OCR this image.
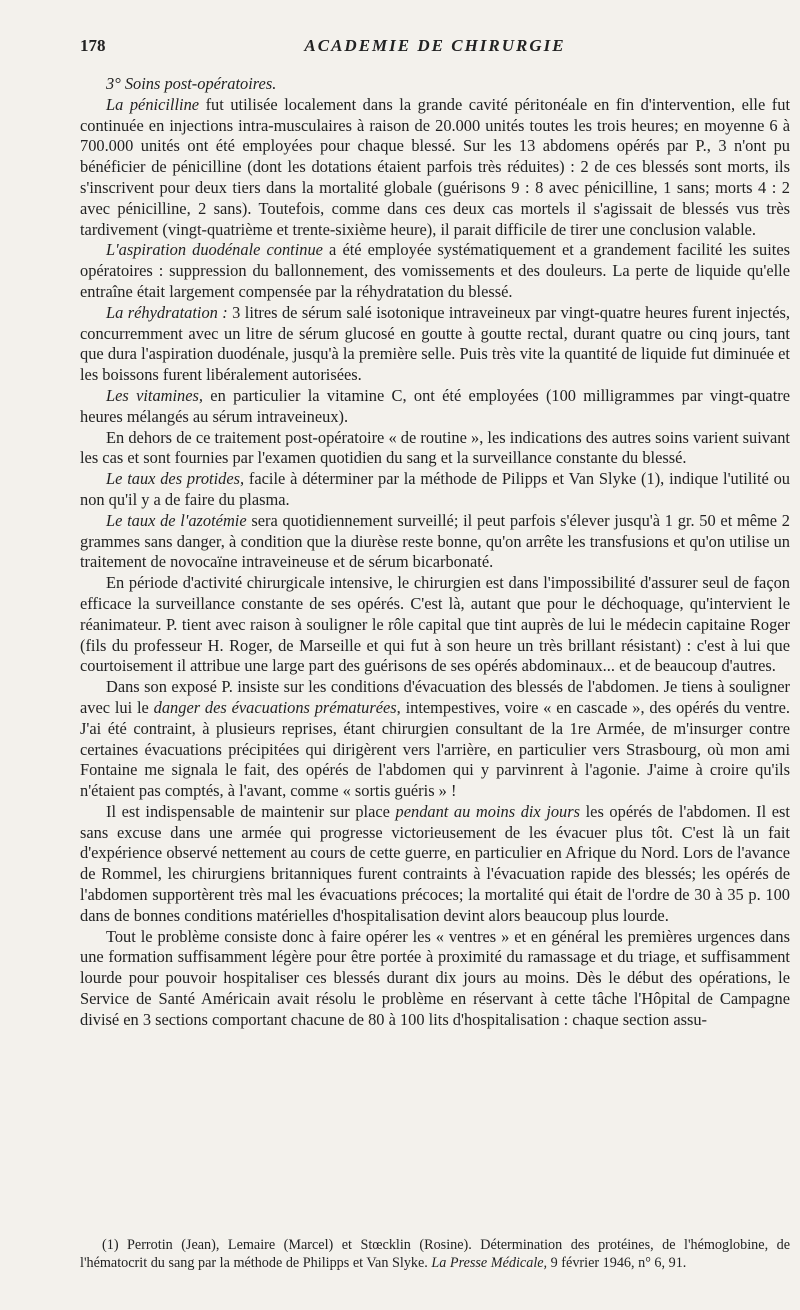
178	ACADEMIE DE CHIRURGIE

3° Soins post-opératoires.

La pénicilline fut utilisée localement dans la grande cavité péritonéale en fin d'intervention, elle fut continuée en injections intra-musculaires à raison de 20.000 unités toutes les trois heures; en moyenne 6 à 700.000 unités ont été employées pour chaque blessé. Sur les 13 abdomens opérés par P., 3 n'ont pu bénéficier de pénicilline (dont les dotations étaient parfois très réduites) : 2 de ces blessés sont morts, ils s'inscrivent pour deux tiers dans la mortalité globale (guérisons 9 : 8 avec pénicilline, 1 sans; morts 4 : 2 avec pénicilline, 2 sans). Toutefois, comme dans ces deux cas mortels il s'agissait de blessés vus très tardivement (vingt-quatrième et trente-sixième heure), il parait difficile de tirer une conclusion valable.

L'aspiration duodénale continue a été employée systématiquement et a grandement facilité les suites opératoires : suppression du ballonnement, des vomissements et des douleurs. La perte de liquide qu'elle entraîne était largement compensée par la réhydratation du blessé.

La réhydratation : 3 litres de sérum salé isotonique intraveineux par vingt-quatre heures furent injectés, concurremment avec un litre de sérum glucosé en goutte à goutte rectal, durant quatre ou cinq jours, tant que dura l'aspiration duodénale, jusqu'à la première selle. Puis très vite la quantité de liquide fut diminuée et les boissons furent libéralement autorisées.

Les vitamines, en particulier la vitamine C, ont été employées (100 milligrammes par vingt-quatre heures mélangés au sérum intraveineux).

En dehors de ce traitement post-opératoire « de routine », les indications des autres soins varient suivant les cas et sont fournies par l'examen quotidien du sang et la surveillance constante du blessé.

Le taux des protides, facile à déterminer par la méthode de Pilipps et Van Slyke (1), indique l'utilité ou non qu'il y a de faire du plasma.

Le taux de l'azotémie sera quotidiennement surveillé; il peut parfois s'élever jusqu'à 1 gr. 50 et même 2 grammes sans danger, à condition que la diurèse reste bonne, qu'on arrête les transfusions et qu'on utilise un traitement de novocaïne intraveineuse et de sérum bicarbonaté.

En période d'activité chirurgicale intensive, le chirurgien est dans l'impossibilité d'assurer seul de façon efficace la surveillance constante de ses opérés. C'est là, autant que pour le déchoquage, qu'intervient le réanimateur. P. tient avec raison à souligner le rôle capital que tint auprès de lui le médecin capitaine Roger (fils du professeur H. Roger, de Marseille et qui fut à son heure un très brillant résistant) : c'est à lui que courtoisement il attribue une large part des guérisons de ses opérés abdominaux... et de beaucoup d'autres.

Dans son exposé P. insiste sur les conditions d'évacuation des blessés de l'abdomen. Je tiens à souligner avec lui le danger des évacuations prématurées, intempestives, voire « en cascade », des opérés du ventre. J'ai été contraint, à plusieurs reprises, étant chirurgien consultant de la 1re Armée, de m'insurger contre certaines évacuations précipitées qui dirigèrent vers l'arrière, en particulier vers Strasbourg, où mon ami Fontaine me signala le fait, des opérés de l'abdomen qui y parvinrent à l'agonie. J'aime à croire qu'ils n'étaient pas comptés, à l'avant, comme « sortis guéris » !

Il est indispensable de maintenir sur place pendant au moins dix jours les opérés de l'abdomen. Il est sans excuse dans une armée qui progresse victorieusement de les évacuer plus tôt. C'est là un fait d'expérience observé nettement au cours de cette guerre, en particulier en Afrique du Nord. Lors de l'avance de Rommel, les chirurgiens britanniques furent contraints à l'évacuation rapide des blessés; les opérés de l'abdomen supportèrent très mal les évacuations précoces; la mortalité qui était de l'ordre de 30 à 35 p. 100 dans de bonnes conditions matérielles d'hospitalisation devint alors beaucoup plus lourde.

Tout le problème consiste donc à faire opérer les « ventres » et en général les premières urgences dans une formation suffisamment légère pour être portée à proximité du ramassage et du triage, et suffisamment lourde pour pouvoir hospitaliser ces blessés durant dix jours au moins. Dès le début des opérations, le Service de Santé Américain avait résolu le problème en réservant à cette tâche l'Hôpital de Campagne divisé en 3 sections comportant chacune de 80 à 100 lits d'hospitalisation : chaque section assu-

(1) Perrotin (Jean), Lemaire (Marcel) et Stœcklin (Rosine). Détermination des protéines, de l'hémoglobine, de l'hématocrit du sang par la méthode de Philipps et Van Slyke. La Presse Médicale, 9 février 1946, n° 6, 91.
